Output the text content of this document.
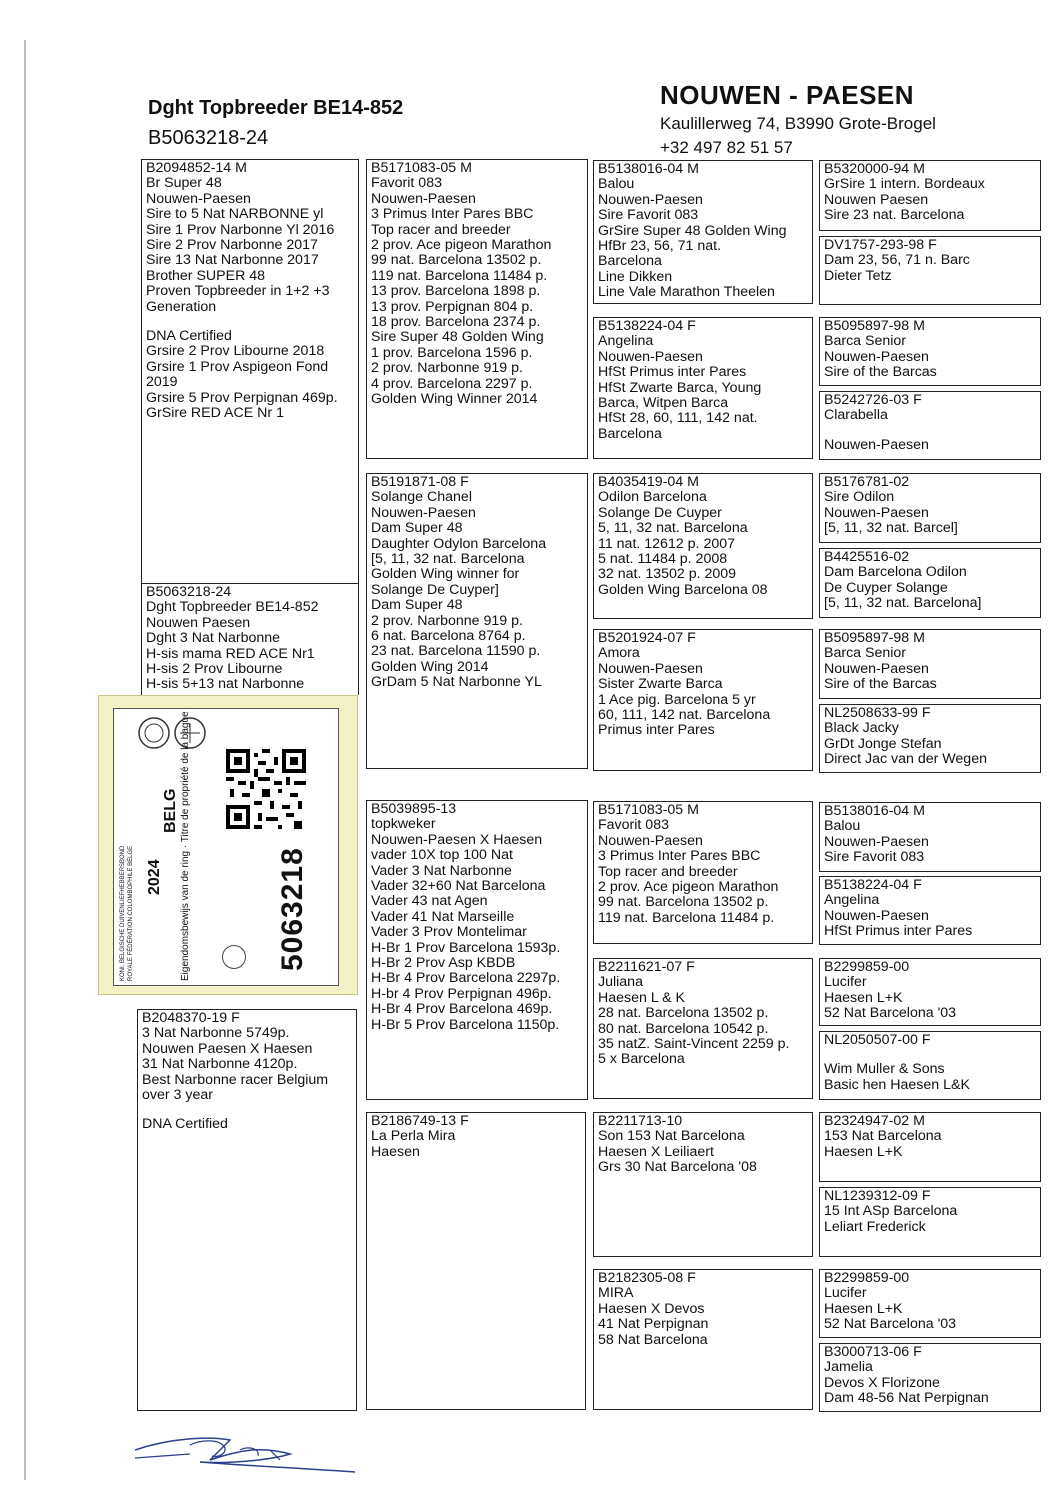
Dght Topbreeder BE14-852
B5063218-24
NOUWEN - PAESEN
Kaulillerweg 74, B3990 Grote-Brogel
+32 497 82 51 57
B2094852-14 M
Br Super 48
Nouwen-Paesen
Sire to 5 Nat NARBONNE yl
Sire 1 Prov Narbonne Yl 2016
Sire 2 Prov Narbonne 2017
Sire 13 Nat Narbonne 2017
Brother SUPER 48
Proven Topbreeder in 1+2 +3
Generation
DNA Certified
Grsire 2 Prov Libourne 2018
Grsire 1 Prov Aspigeon Fond
2019
Grsire 5 Prov Perpignan 469p.
GrSire RED ACE Nr 1
B5063218-24
Dght Topbreeder BE14-852
Nouwen Paesen
Dght 3 Nat Narbonne
H-sis mama RED ACE Nr1
H-sis 2 Prov Libourne
H-sis 5+13 nat Narbonne
B2048370-19 F
3 Nat Narbonne 5749p.
Nouwen Paesen X Haesen
31 Nat Narbonne 4120p.
Best Narbonne racer Belgium
over 3 year
DNA Certified
B5171083-05 M
Favorit 083
Nouwen-Paesen
3 Primus Inter Pares BBC
Top racer and breeder
2 prov. Ace pigeon Marathon
99 nat. Barcelona 13502 p.
119 nat. Barcelona 11484 p.
13 prov. Barcelona 1898 p.
13 prov. Perpignan 804 p.
18 prov. Barcelona 2374 p.
Sire Super 48 Golden Wing
1 prov. Barcelona 1596 p.
2 prov. Narbonne 919 p.
4 prov. Barcelona 2297 p.
Golden Wing Winner 2014
B5191871-08 F
Solange Chanel
Nouwen-Paesen
Dam Super 48
Daughter Odylon Barcelona
[5, 11, 32 nat. Barcelona
Golden Wing winner for
Solange De Cuyper]
Dam Super 48
2 prov. Narbonne 919 p.
6 nat. Barcelona 8764 p.
23 nat. Barcelona 11590 p.
Golden Wing 2014
GrDam 5 Nat Narbonne YL
B5039895-13
topkweker
Nouwen-Paesen X Haesen
vader 10X top 100 Nat
Vader 3 Nat Narbonne
Vader 32+60 Nat Barcelona
Vader 43 nat Agen
Vader 41 Nat Marseille
Vader 3 Prov Montelimar
H-Br 1 Prov Barcelona 1593p.
H-Br 2 Prov Asp KBDB
H-Br 4 Prov Barcelona 2297p.
H-br 4 Prov Perpignan 496p.
H-Br 4 Prov Barcelona 469p.
H-Br 5 Prov Barcelona 1150p.
B2186749-13 F
La Perla Mira
Haesen
B5138016-04 M
Balou
Nouwen-Paesen
Sire Favorit 083
GrSire Super 48 Golden Wing
HfBr 23, 56, 71 nat.
Barcelona
Line Dikken
Line Vale Marathon Theelen
B5138224-04 F
Angelina
Nouwen-Paesen
HfSt Primus inter Pares
HfSt Zwarte Barca, Young
Barca, Witpen Barca
HfSt 28, 60, 111, 142 nat.
Barcelona
B4035419-04 M
Odilon Barcelona
Solange De Cuyper
5, 11, 32 nat. Barcelona
11 nat. 12612 p. 2007
5 nat. 11484 p. 2008
32 nat. 13502 p. 2009
Golden Wing Barcelona 08
B5201924-07 F
Amora
Nouwen-Paesen
Sister Zwarte Barca
1 Ace pig. Barcelona 5 yr
60, 111, 142 nat. Barcelona
Primus inter Pares
B5171083-05 M
Favorit 083
Nouwen-Paesen
3 Primus Inter Pares BBC
Top racer and breeder
2 prov. Ace pigeon Marathon
99 nat. Barcelona 13502 p.
119 nat. Barcelona 11484 p.
B2211621-07 F
Juliana
Haesen L & K
28 nat. Barcelona 13502 p.
80 nat. Barcelona 10542 p.
35 natZ. Saint-Vincent 2259 p.
5 x Barcelona
B2211713-10
Son 153 Nat Barcelona
Haesen X Leiliaert
Grs 30 Nat Barcelona '08
B2182305-08 F
MIRA
Haesen X Devos
41 Nat Perpignan
58 Nat Barcelona
B5320000-94 M
GrSire 1 intern. Bordeaux
Nouwen Paesen
Sire 23 nat. Barcelona
DV1757-293-98 F
Dam 23, 56, 71 n. Barc
Dieter Tetz
B5095897-98 M
Barca Senior
Nouwen-Paesen
Sire of the Barcas
B5242726-03 F
Clarabella
Nouwen-Paesen
B5176781-02
Sire Odilon
Nouwen-Paesen
[5, 11, 32 nat. Barcel]
B4425516-02
Dam Barcelona Odilon
De Cuyper Solange
[5, 11, 32 nat. Barcelona]
B5095897-98 M
Barca Senior
Nouwen-Paesen
Sire of the Barcas
NL2508633-99 F
Black Jacky
GrDt Jonge Stefan
Direct Jac van der Wegen
B5138016-04 M
Balou
Nouwen-Paesen
Sire Favorit 083
B5138224-04 F
Angelina
Nouwen-Paesen
HfSt Primus inter Pares
B2299859-00
Lucifer
Haesen L+K
52 Nat Barcelona '03
NL2050507-00 F
Wim Muller & Sons
Basic hen Haesen L&K
B2324947-02 M
153 Nat Barcelona
Haesen L+K
NL1239312-09 F
15 Int ASp Barcelona
Leliart Frederick
B2299859-00
Lucifer
Haesen L+K
52 Nat Barcelona '03
B3000713-06 F
Jamelia
Devos X Florizone
Dam 48-56 Nat Perpignan
5063218
2024
BELG
KONI. BELGISCHE DUIVENLIEFHEBBERSBOND ROYALE FÉDÉRATION COLOMBOPHILE BELGE	Eigendomsbewijs van de ring · Titre de propriété de la bague
